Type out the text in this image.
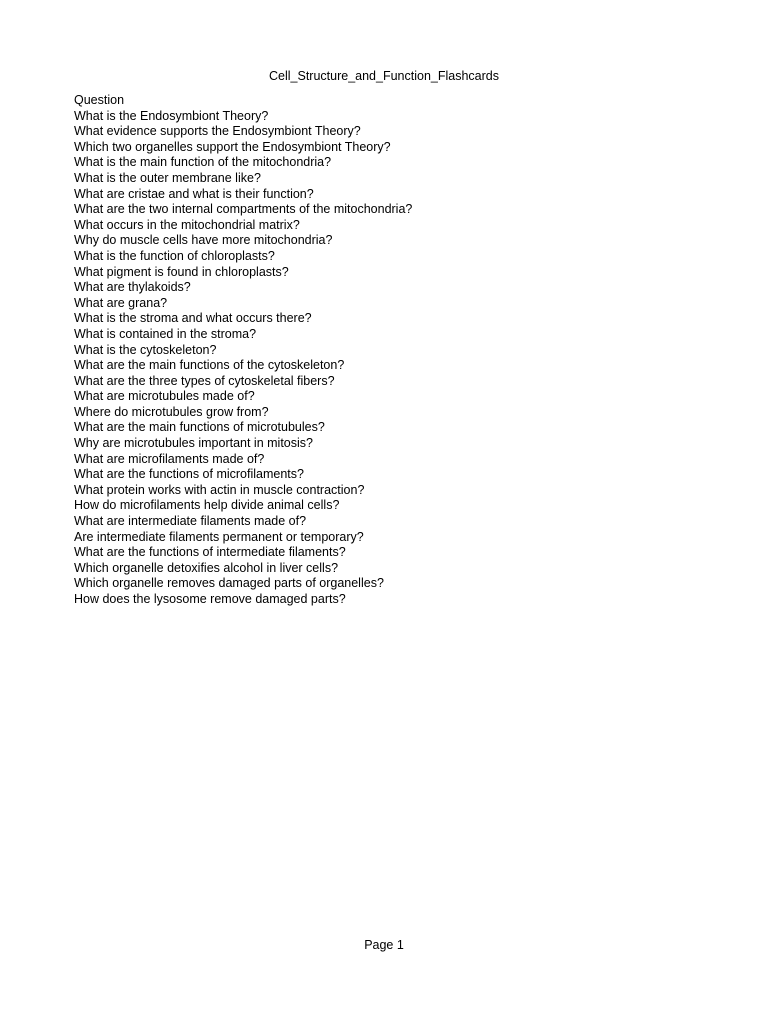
Cell_Structure_and_Function_Flashcards
Question
What is the Endosymbiont Theory?
What evidence supports the Endosymbiont Theory?
Which two organelles support the Endosymbiont Theory?
What is the main function of the mitochondria?
What is the outer membrane like?
What are cristae and what is their function?
What are the two internal compartments of the mitochondria?
What occurs in the mitochondrial matrix?
Why do muscle cells have more mitochondria?
What is the function of chloroplasts?
What pigment is found in chloroplasts?
What are thylakoids?
What are grana?
What is the stroma and what occurs there?
What is contained in the stroma?
What is the cytoskeleton?
What are the main functions of the cytoskeleton?
What are the three types of cytoskeletal fibers?
What are microtubules made of?
Where do microtubules grow from?
What are the main functions of microtubules?
Why are microtubules important in mitosis?
What are microfilaments made of?
What are the functions of microfilaments?
What protein works with actin in muscle contraction?
How do microfilaments help divide animal cells?
What are intermediate filaments made of?
Are intermediate filaments permanent or temporary?
What are the functions of intermediate filaments?
Which organelle detoxifies alcohol in liver cells?
Which organelle removes damaged parts of organelles?
How does the lysosome remove damaged parts?
Page 1
